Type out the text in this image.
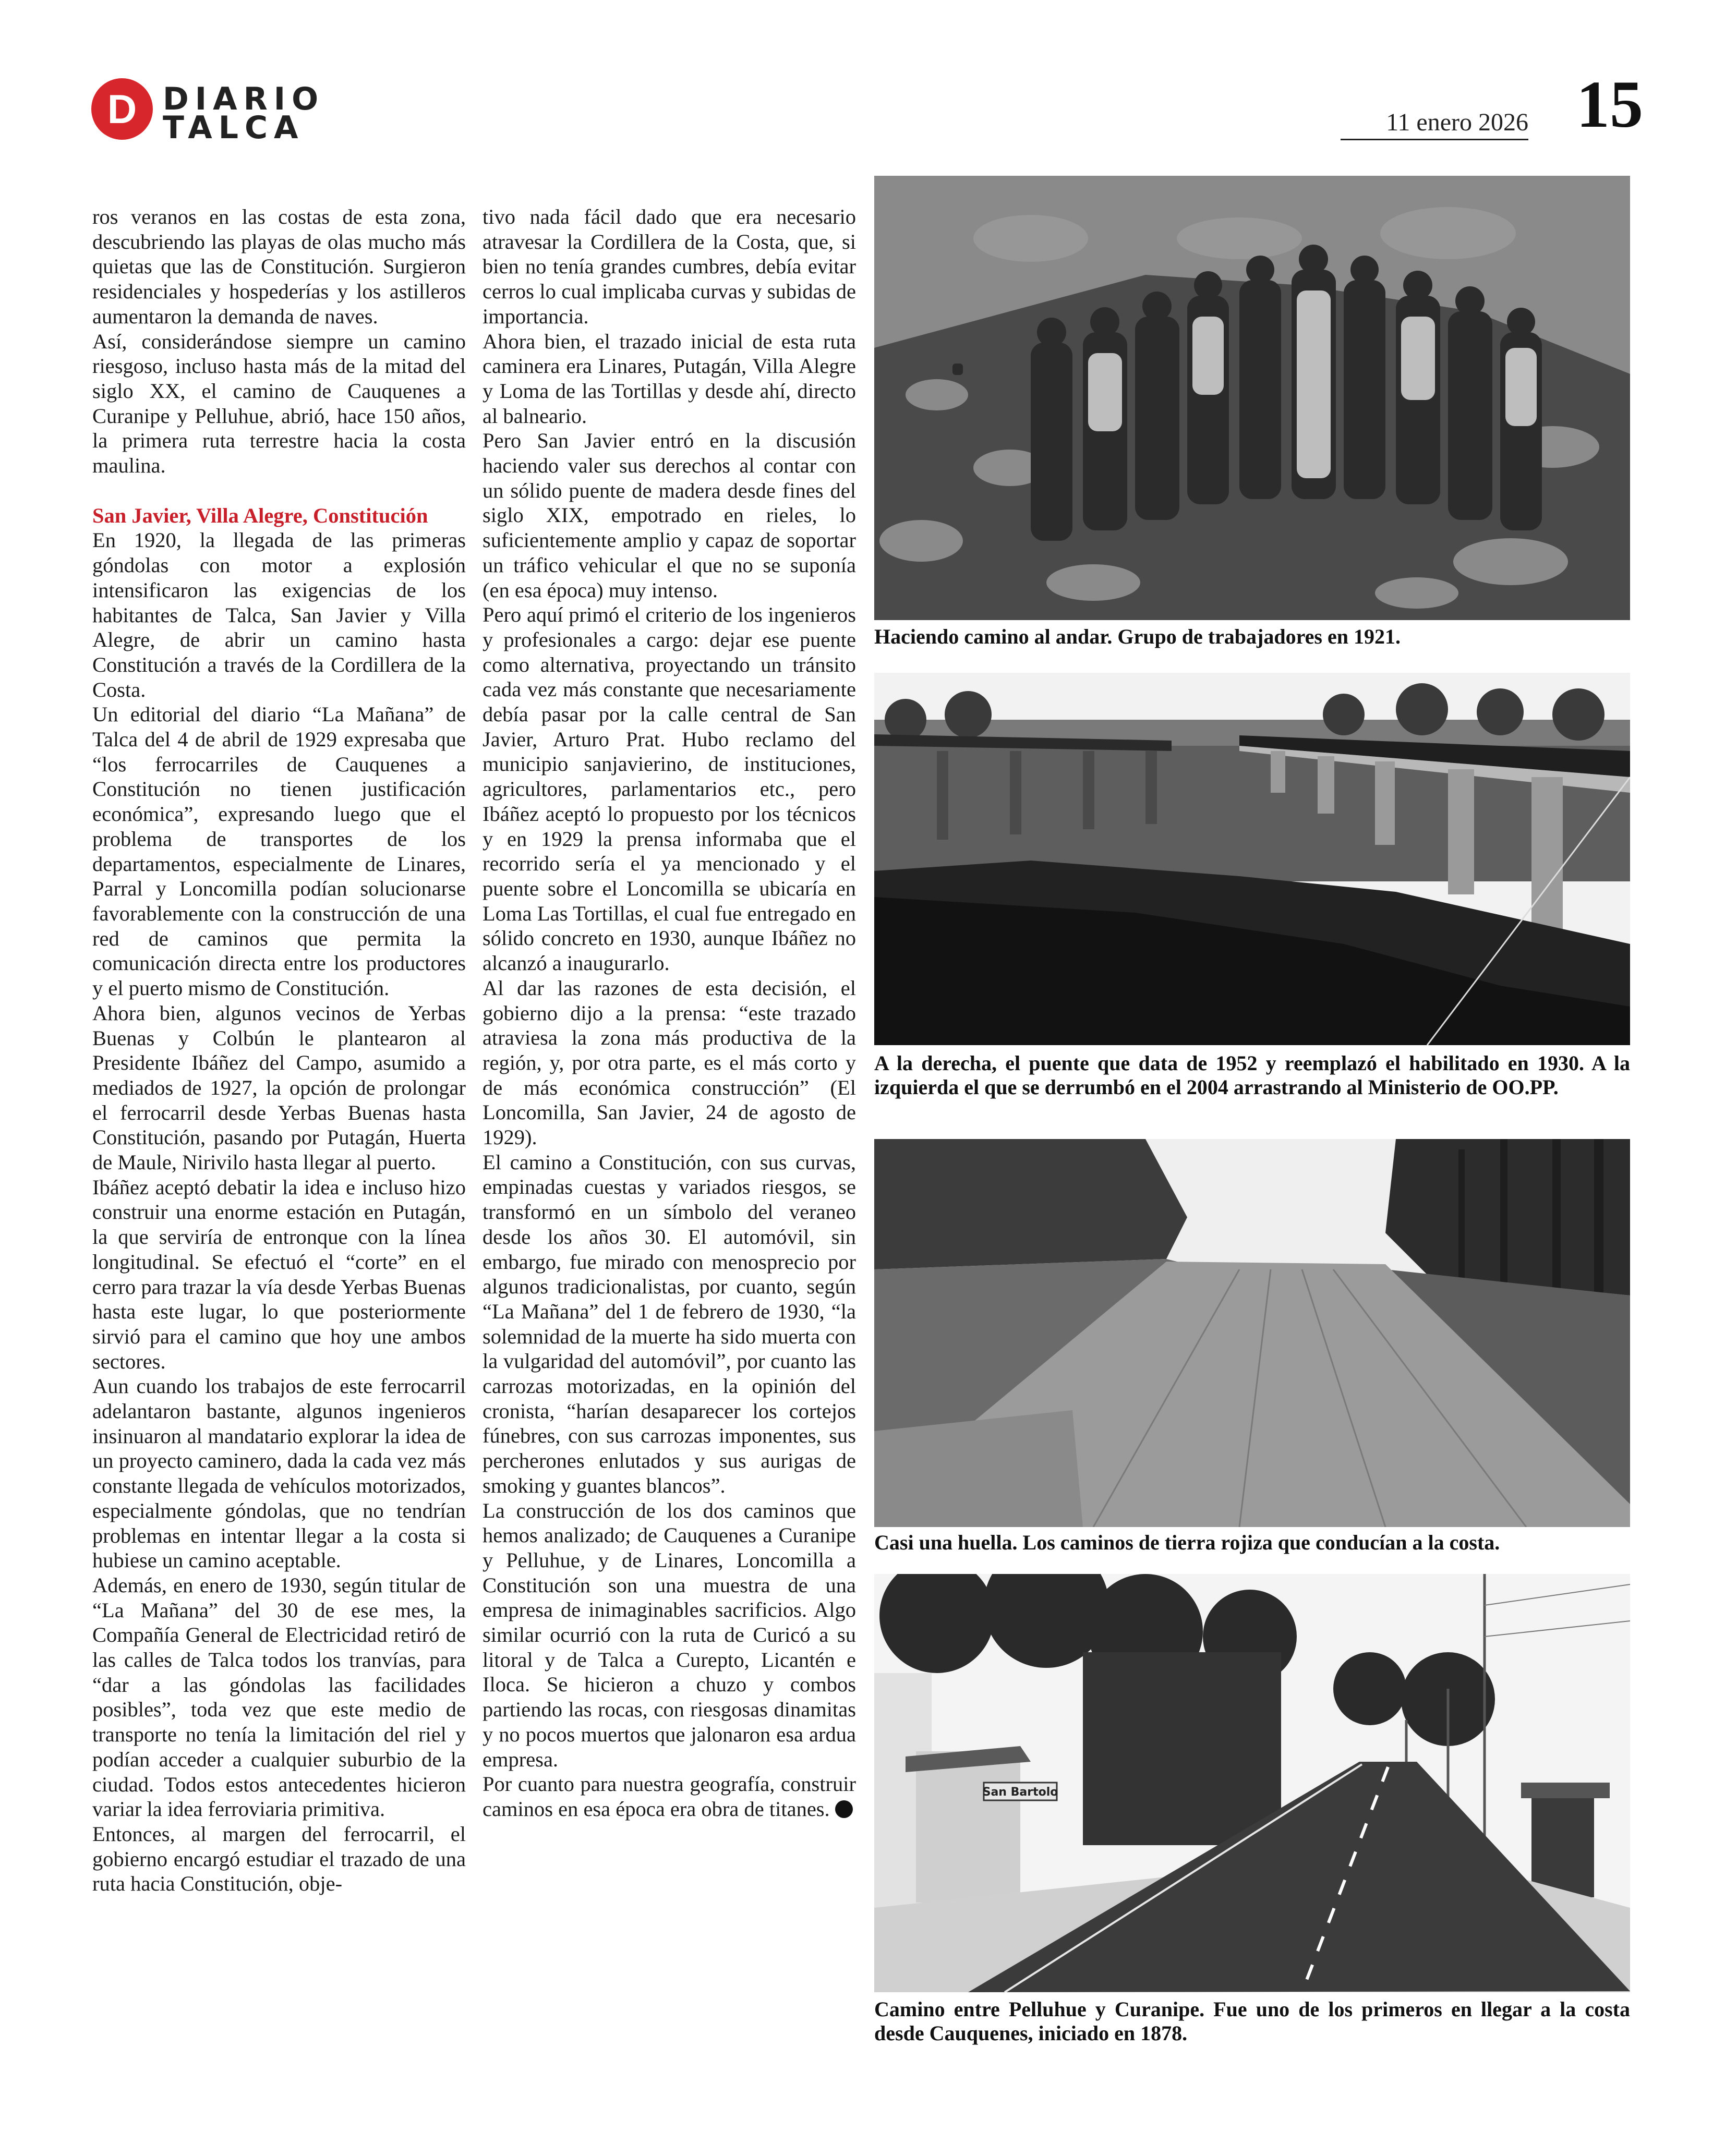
D DIARIO
TALCA	11 enero 2026 15

ros veranos en las costas de esta zona, descubriendo las playas de olas mucho más quietas que las de Constitución. Surgieron residenciales y hospederías y los astilleros aumentaron la demanda de naves.

Así, considerándose siempre un camino riesgoso, incluso hasta más de la mitad del siglo XX, el camino de Cauquenes a Curanipe y Pelluhue, abrió, hace 150 años, la primera ruta terrestre hacia la costa maulina.

San Javier, Villa Alegre, Constitución

En 1920, la llegada de las primeras góndolas con motor a explosión intensificaron las exigencias de los habitantes de Talca, San Javier y Villa Alegre, de abrir un camino hasta Constitución a través de la Cordillera de la Costa.

Un editorial del diario “La Mañana” de Talca del 4 de abril de 1929 expresaba que “los ferrocarriles de Cauquenes a Constitución no tienen justificación económica”, expresando luego que el problema de transportes de los departamentos, especialmente de Linares, Parral y Loncomilla podían solucionarse favorablemente con la construcción de una red de caminos que permita la comunicación directa entre los productores y el puerto mismo de Constitución.

Ahora bien, algunos vecinos de Yerbas Buenas y Colbún le plantearon al Presidente Ibáñez del Campo, asumido a mediados de 1927, la opción de prolongar el ferrocarril desde Yerbas Buenas hasta Constitución, pasando por Putagán, Huerta de Maule, Nirivilo hasta llegar al puerto.

Ibáñez aceptó debatir la idea e incluso hizo construir una enorme estación en Putagán, la que serviría de entronque con la línea longitudinal. Se efectuó el “corte” en el cerro para trazar la vía desde Yerbas Buenas hasta este lugar, lo que posteriormente sirvió para el camino que hoy une ambos sectores.

Aun cuando los trabajos de este ferrocarril adelantaron bastante, algunos ingenieros insinuaron al mandatario explorar la idea de un proyecto caminero, dada la cada vez más constante llegada de vehículos motorizados, especialmente góndolas, que no tendrían problemas en intentar llegar a la costa si hubiese un camino aceptable.

Además, en enero de 1930, según titular de “La Mañana” del 30 de ese mes, la Compañía General de Electricidad retiró de las calles de Talca todos los tranvías, para “dar a las góndolas las facilidades posibles”, toda vez que este medio de transporte no tenía la limitación del riel y podían acceder a cualquier suburbio de la ciudad. Todos estos antecedentes hicieron variar la idea ferroviaria primitiva.

Entonces, al margen del ferrocarril, el gobierno encargó estudiar el trazado de una ruta hacia Constitución, obje-

tivo nada fácil dado que era necesario atravesar la Cordillera de la Costa, que, si bien no tenía grandes cumbres, debía evitar cerros lo cual implicaba curvas y subidas de importancia.

Ahora bien, el trazado inicial de esta ruta caminera era Linares, Putagán, Villa Alegre y Loma de las Tortillas y desde ahí, directo al balneario.

Pero San Javier entró en la discusión haciendo valer sus derechos al contar con un sólido puente de madera desde fines del siglo XIX, empotrado en rieles, lo suficientemente amplio y capaz de soportar un tráfico vehicular el que no se suponía (en esa época) muy intenso.

Pero aquí primó el criterio de los ingenieros y profesionales a cargo: dejar ese puente como alternativa, proyectando un tránsito cada vez más constante que necesariamente debía pasar por la calle central de San Javier, Arturo Prat. Hubo reclamo del municipio sanjavierino, de instituciones, agricultores, parlamentarios etc., pero Ibáñez aceptó lo propuesto por los técnicos y en 1929 la prensa informaba que el recorrido sería el ya mencionado y el puente sobre el Loncomilla se ubicaría en Loma Las Tortillas, el cual fue entregado en sólido concreto en 1930, aunque Ibáñez no alcanzó a inaugurarlo.

Al dar las razones de esta decisión, el gobierno dijo a la prensa: “este trazado atraviesa la zona más productiva de la región, y, por otra parte, es el más corto y de más económica construcción” (El Loncomilla, San Javier, 24 de agosto de 1929).

El camino a Constitución, con sus curvas, empinadas cuestas y variados riesgos, se transformó en un símbolo del veraneo desde los años 30. El automóvil, sin embargo, fue mirado con menosprecio por algunos tradicionalistas, por cuanto, según “La Mañana” del 1 de febrero de 1930, “la solemnidad de la muerte ha sido muerta con la vulgaridad del automóvil”, por cuanto las carrozas motorizadas, en la opinión del cronista, “harían desaparecer los cortejos fúnebres, con sus carrozas imponentes, sus percherones enlutados y sus aurigas de smoking y guantes blancos”.

La construcción de los dos caminos que hemos analizado; de Cauquenes a Curanipe y Pelluhue, y de Linares, Loncomilla a Constitución son una muestra de una empresa de inimaginables sacrificios. Algo similar ocurrió con la ruta de Curicó a su litoral y de Talca a Curepto, Licantén e Iloca. Se hicieron a chuzo y combos partiendo las rocas, con riesgosas dinamitas y no pocos muertos que jalonaron esa ardua empresa.

Por cuanto para nuestra geografía, construir caminos en esa época era obra de titanes.

Haciendo camino al andar. Grupo de trabajadores en 1921.

A la derecha, el puente que data de 1952 y reemplazó el habilitado en 1930. A la izquierda el que se derrumbó en el 2004 arrastrando al Ministerio de OO.PP.

Casi una huella. Los caminos de tierra rojiza que conducían a la costa.

San Bartolo

Camino entre Pelluhue y Curanipe. Fue uno de los primeros en llegar a la costa desde Cauquenes, iniciado en 1878.
